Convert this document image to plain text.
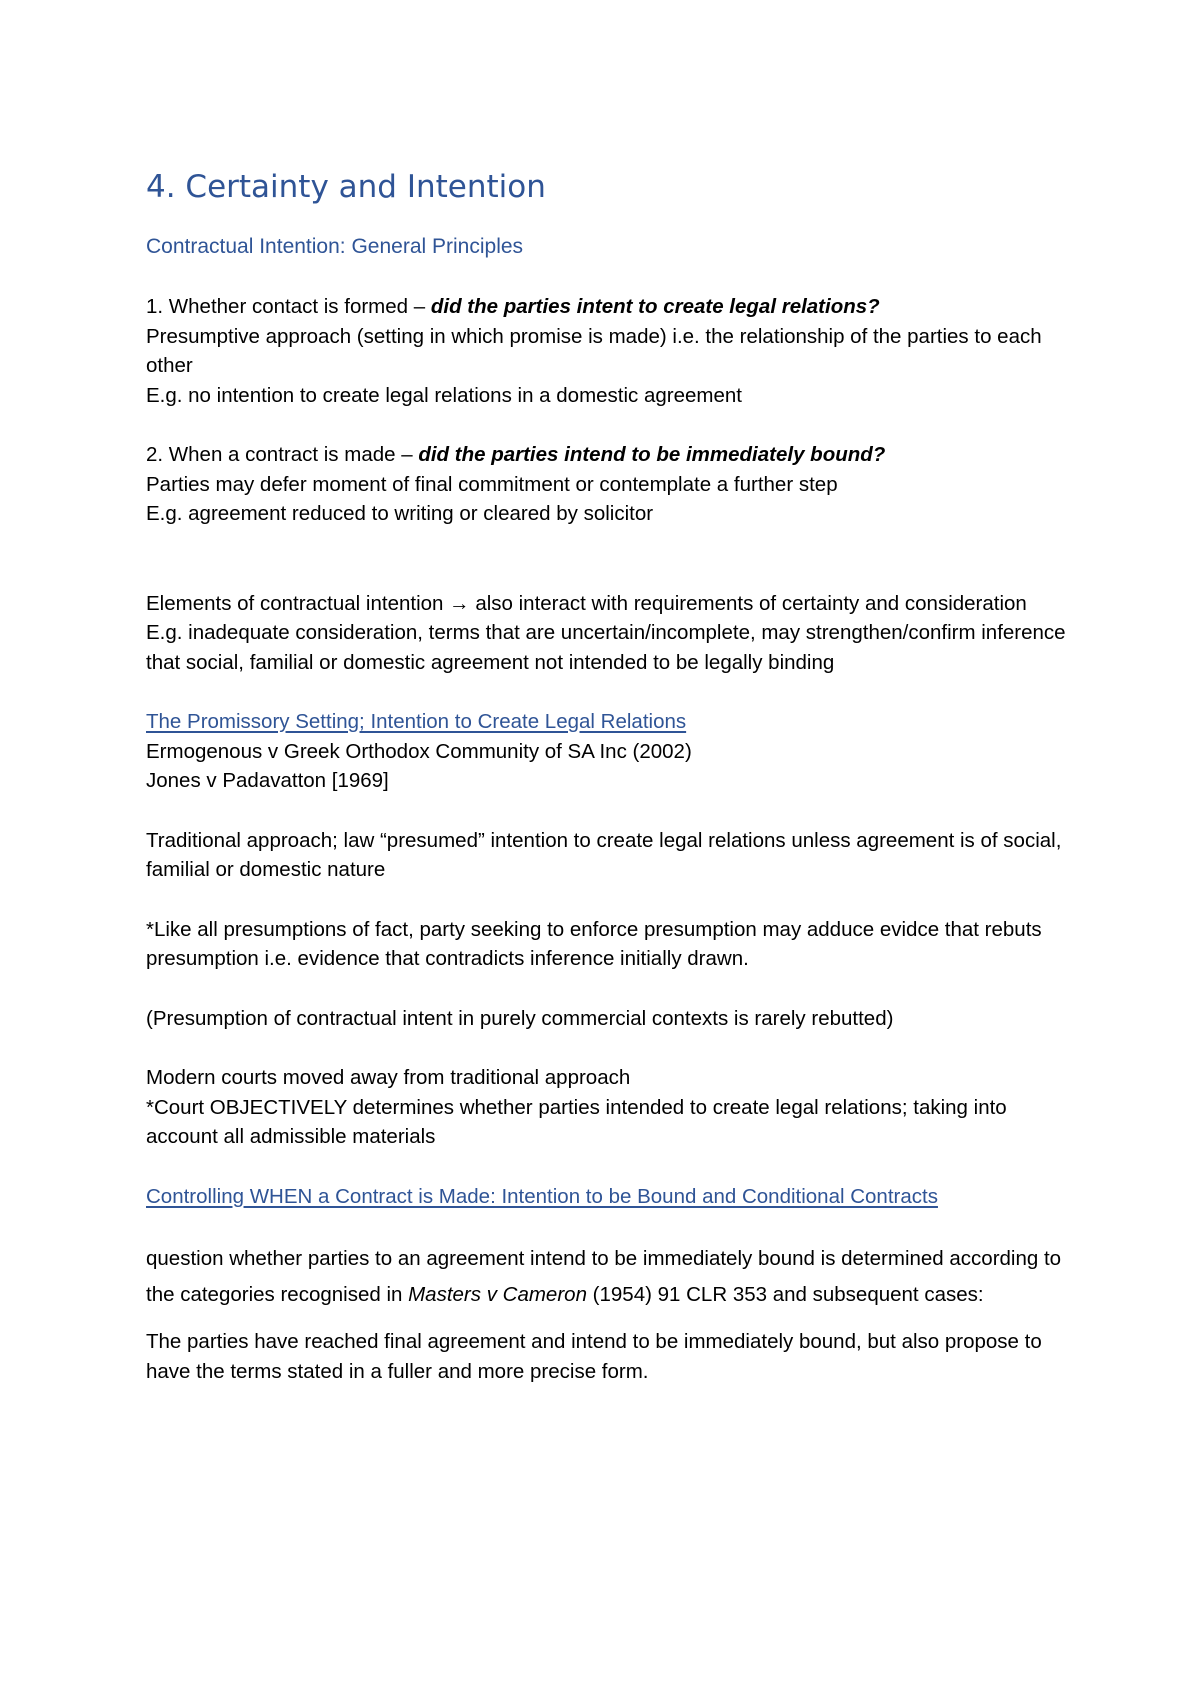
4. Certainty and Intention
Contractual Intention: General Principles

1. Whether contact is formed – did the parties intent to create legal relations?

Presumptive approach (setting in which promise is made) i.e. the relationship of the parties to each other

E.g. no intention to create legal relations in a domestic agreement

2. When a contract is made – did the parties intend to be immediately bound?

Parties may defer moment of final commitment or contemplate a further step

E.g. agreement reduced to writing or cleared by solicitor

Elements of contractual intention → also interact with requirements of certainty and consideration

E.g. inadequate consideration, terms that are uncertain/incomplete, may strengthen/confirm inference that social, familial or domestic agreement not intended to be legally binding

The Promissory Setting; Intention to Create Legal Relations

Ermogenous v Greek Orthodox Community of SA Inc (2002)

Jones v Padavatton [1969]

Traditional approach; law “presumed” intention to create legal relations unless agreement is of social, familial or domestic nature

*Like all presumptions of fact, party seeking to enforce presumption may adduce evidce that rebuts presumption i.e. evidence that contradicts inference initially drawn.

(Presumption of contractual intent in purely commercial contexts is rarely rebutted)

Modern courts moved away from traditional approach

*Court OBJECTIVELY determines whether parties intended to create legal relations; taking into account all admissible materials

Controlling WHEN a Contract is Made: Intention to be Bound and Conditional Contracts

question whether parties to an agreement intend to be immediately bound is determined according to the categories recognised in Masters v Cameron (1954) 91 CLR 353 and subsequent cases:

The parties have reached final agreement and intend to be immediately bound, but also propose to have the terms stated in a fuller and more precise form.
